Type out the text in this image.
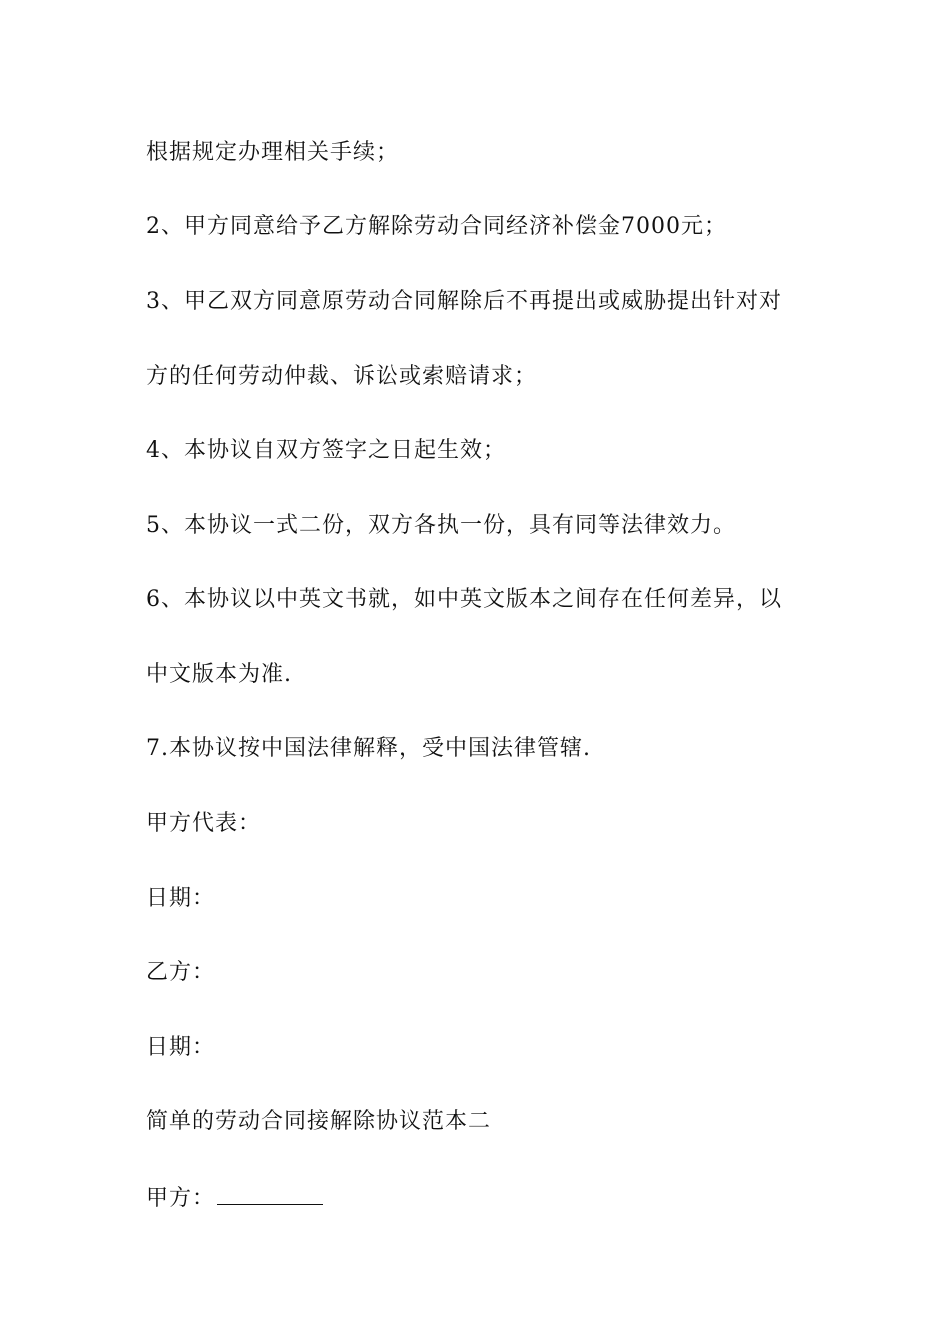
根据规定办理相关手续；
2、甲方同意给予乙方解除劳动合同经济补偿金7000元；
3、甲乙双方同意原劳动合同解除后不再提出或威胁提出针对对
方的任何劳动仲裁、诉讼或索赔请求；
4、本协议自双方签字之日起生效；
5、本协议一式二份，双方各执一份，具有同等法律效力。
6、本协议以中英文书就，如中英文版本之间存在任何差异，以
中文版本为准.
7.本协议按中国法律解释，受中国法律管辖.
甲方代表：
日期：
乙方：
日期：
简单的劳动合同接解除协议范本二
甲方：
